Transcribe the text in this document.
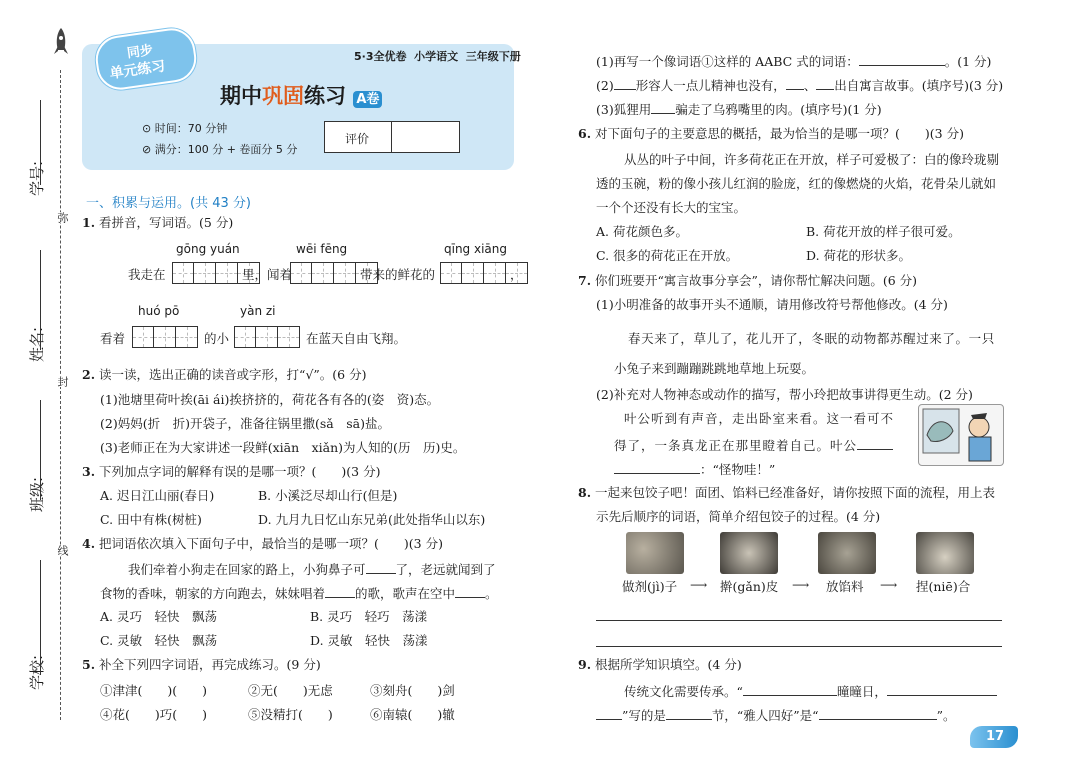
弥
封
线
学号:
姓名:
班级:
学校:
同步
单元练习
5·3全优卷  小学语文  三年级下册
期中巩固练习 A卷
⊙ 时间：70 分钟
⊘ 满分：100 分 + 卷面分 5 分
评价
一、积累与运用。(共 43 分)
1. 看拼音，写词语。(5 分)
gōng yuán	wēi fēng	qīng xiāng
我走在	里，闻着	带来的鲜花的	，
huó pō	yàn zi
看着	的小	在蓝天自由飞翔。
2. 读一读，选出正确的读音或字形，打“√”。(6 分)
(1)池塘里荷叶挨(āi ái)挨挤挤的，荷花各有各的(姿　资)态。
(2)妈妈(折　折)开袋子，准备往锅里撒(sǎ　sā)盐。
(3)老师正在为大家讲述一段鲜(xiān　xiǎn)为人知的(历　历)史。
3. 下列加点字词的解释有误的是哪一项？(　　)(3 分)
A. 迟日江山丽(春日)	B. 小溪泛尽却山行(但是)
C. 田中有株(树桩)	D. 九月九日忆山东兄弟(此处指华山以东)
4. 把词语依次填入下面句子中，最恰当的是哪一项？(　　)(3 分)
我们牵着小狗走在回家的路上，小狗鼻子可 了，老远就闻到了
食物的香味，朝家的方向跑去，妹妹唱着 的歌，歌声在空中 。
A. 灵巧　轻快　飘荡	B. 灵巧　轻巧　荡漾
C. 灵敏　轻快　飘荡	D. 灵敏　轻快　荡漾
5. 补全下列四字词语，再完成练习。(9 分)
①津津(　　)(　　)	②无(　　)无虑	③刻舟(　　)剑
④花(　　)巧(　　)	⑤没精打(　　)	⑥南辕(　　)辙
(1)再写一个像词语①这样的 AABC 式的词语：	。(1 分)
(2) 形容人一点儿精神也没有， 、 出自寓言故事。(填序号)(3 分)
(3)狐狸用 骗走了乌鸦嘴里的肉。(填序号)(1 分)
6. 对下面句子的主要意思的概括，最为恰当的是哪一项？(　　)(3 分)
从丛的叶子中间，许多荷花正在开放，样子可爱极了：白的像玲珑剔
透的玉碗，粉的像小孩儿红润的脸庞，红的像燃烧的火焰，花骨朵儿就如
一个个还没有长大的宝宝。
A. 荷花颜色多。	B. 荷花开放的样子很可爱。
C. 很多的荷花正在开放。	D. 荷花的形状多。
7. 你们班要开“寓言故事分享会”，请你帮忙解决问题。(6 分)
(1)小明准备的故事开头不通顺，请用修改符号帮他修改。(4 分)
春天来了，草儿了，花儿开了，冬眠的动物都苏醒过来了。一只
小兔子来到蹦蹦跳跳地草地上玩耍。
(2)补充对人物神态或动作的描写，帮小玲把故事讲得更生动。(2 分)
叶公听到有声音，走出卧室来看。这一看可不
得了，一条真龙正在那里瞪着自己。叶公
：“怪物哇！”
8. 一起来包饺子吧！面团、馅料已经准备好，请你按照下面的流程，用上表
示先后顺序的词语，简单介绍包饺子的过程。(4 分)
做剂(jì)子 ⟶ 擀(gǎn)皮 ⟶ 放馅料 ⟶ 捏(niē)合
9. 根据所学知识填空。(4 分)
传统文化需要传承。“	曈曈日，
”写的是	节，“雅人四好”是“	”。
17
